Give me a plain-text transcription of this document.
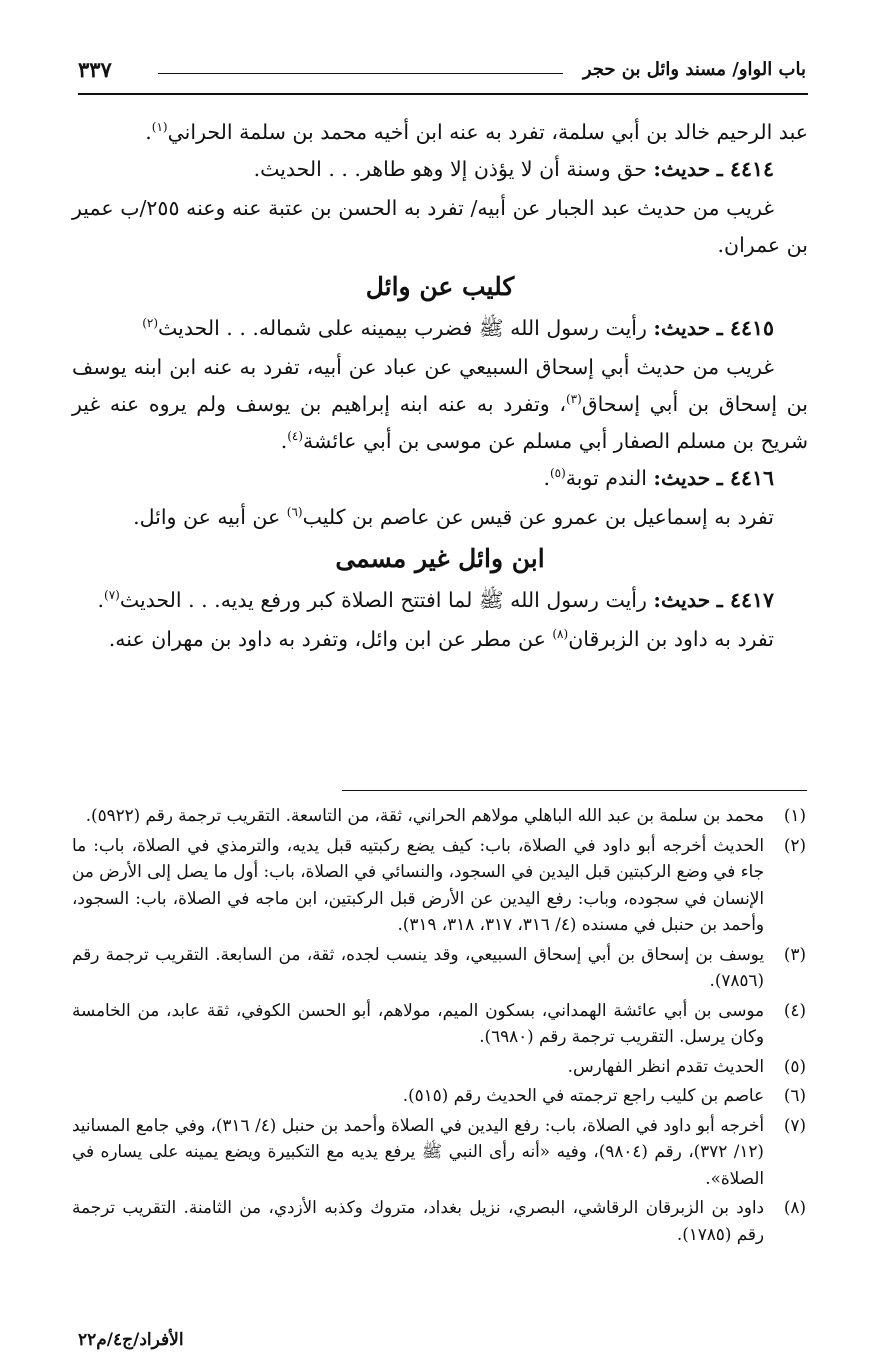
باب الواو/ مسند وائل بن حجر
٣٣٧

عبد الرحيم خالد بن أبي سلمة، تفرد به عنه ابن أخيه محمد بن سلمة الحراني$^{(١)}$.

٤٤١٤ ـ حديث: حق وسنة أن لا يؤذن إلا وهو طاهر. . . الحديث.

غريب من حديث عبد الجبار عن أبيه/ تفرد به الحسن بن عتبة عنه وعنه ٢٥٥/ب عمير بن عمران.

كليب عن وائل

٤٤١٥ ـ حديث: رأيت رسول الله ﷺ فضرب بيمينه على شماله. . . الحديث$^{(٢)}$

غريب من حديث أبي إسحاق السبيعي عن عباد عن أبيه، تفرد به عنه ابن ابنه يوسف بن إسحاق بن أبي إسحاق$^{(٣)}$، وتفرد به عنه ابنه إبراهيم بن يوسف ولم يروه عنه غير شريح بن مسلم الصفار أبي مسلم عن موسى بن أبي عائشة$^{(٤)}$.

٤٤١٦ ـ حديث: الندم توبة$^{(٥)}$.

تفرد به إسماعيل بن عمرو عن قيس عن عاصم بن كليب$^{(٦)}$ عن أبيه عن وائل.

ابن وائل غير مسمى

٤٤١٧ ـ حديث: رأيت رسول الله ﷺ لما افتتح الصلاة كبر ورفع يديه. . . الحديث$^{(٧)}$.

تفرد به داود بن الزبرقان$^{(٨)}$ عن مطر عن ابن وائل، وتفرد به داود بن مهران عنه.

(١)
محمد بن سلمة بن عبد الله الباهلي مولاهم الحراني، ثقة، من التاسعة. التقريب ترجمة رقم (٥٩٢٢).

(٢)
الحديث أخرجه أبو داود في الصلاة، باب: كيف يضع ركبتيه قبل يديه، والترمذي في الصلاة، باب: ما جاء في وضع الركبتين قبل اليدين في السجود، والنسائي في الصلاة، باب: أول ما يصل إلى الأرض من الإنسان في سجوده، وباب: رفع اليدين عن الأرض قبل الركبتين، ابن ماجه في الصلاة، باب: السجود، وأحمد بن حنبل في مسنده (٤/ ٣١٦، ٣١٧، ٣١٨، ٣١٩).

(٣)
يوسف بن إسحاق بن أبي إسحاق السبيعي، وقد ينسب لجده، ثقة، من السابعة. التقريب ترجمة رقم (٧٨٥٦).

(٤)
موسى بن أبي عائشة الهمداني، بسكون الميم، مولاهم، أبو الحسن الكوفي، ثقة عابد، من الخامسة وكان يرسل. التقريب ترجمة رقم (٦٩٨٠).

(٥)
الحديث تقدم انظر الفهارس.

(٦)
عاصم بن كليب راجع ترجمته في الحديث رقم (٥١٥).

(٧)
أخرجه أبو داود في الصلاة، باب: رفع اليدين في الصلاة وأحمد بن حنبل (٤/ ٣١٦)، وفي جامع المسانيد (١٢/ ٣٧٢)، رقم (٩٨٠٤)، وفيه «أنه رأى النبي ﷺ يرفع يديه مع التكبيرة ويضع يمينه على يساره في الصلاة».

(٨)
داود بن الزبرقان الرقاشي، البصري، نزيل بغداد، متروك وكذبه الأزدي، من الثامنة. التقريب ترجمة رقم (١٧٨٥).

الأفراد/ج٤/م٢٢
